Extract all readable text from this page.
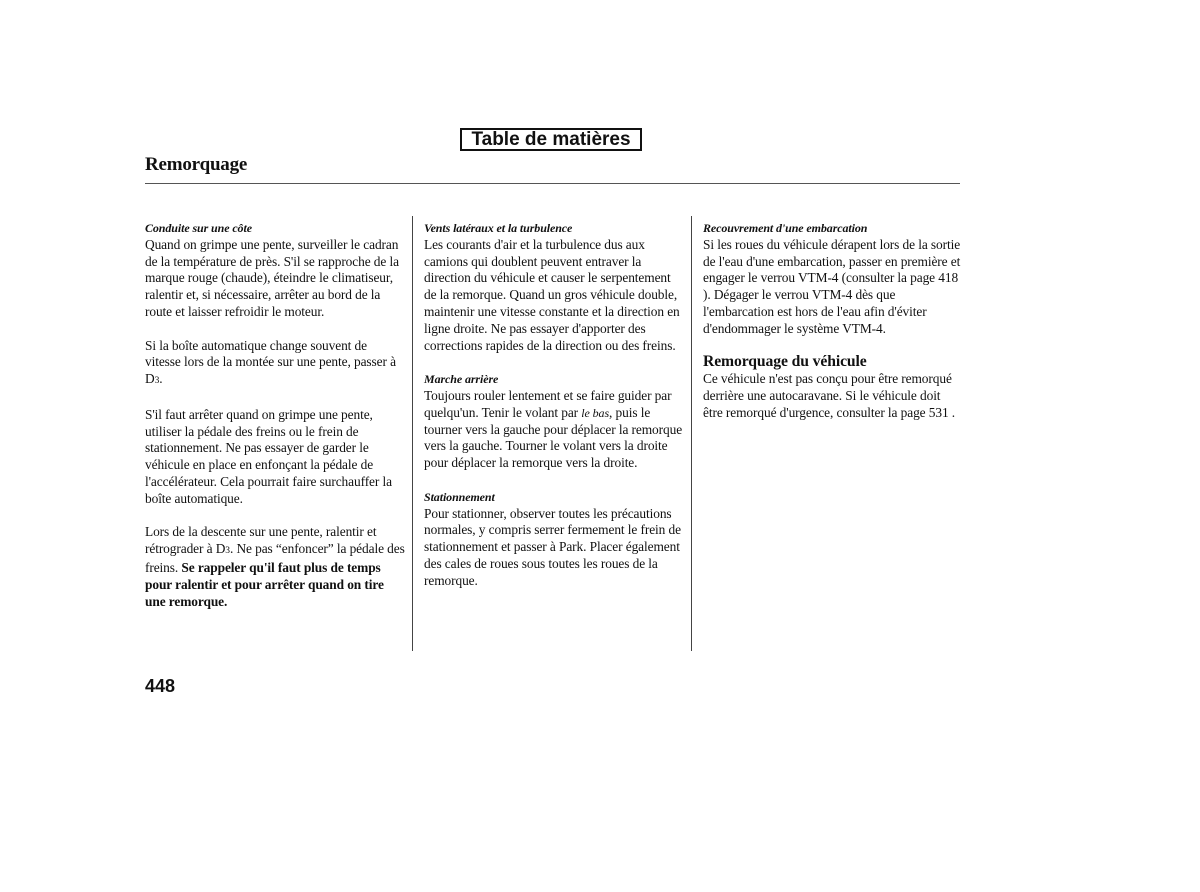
Table de matières
Remorquage
Conduite sur une côte

Quand on grimpe une pente, surveiller le cadran de la température de près. S'il se rapproche de la marque rouge (chaude), éteindre le climatiseur, ralentir et, si nécessaire, arrêter au bord de la route et laisser refroidir le moteur.

Si la boîte automatique change souvent de vitesse lors de la montée sur une pente, passer à D3.

S'il faut arrêter quand on grimpe une pente, utiliser la pédale des freins ou le frein de stationnement. Ne pas essayer de garder le véhicule en place en enfonçant la pédale de l'accélérateur. Cela pourrait faire surchauffer la boîte automatique.

Lors de la descente sur une pente, ralentir et rétrograder à D3. Ne pas “enfoncer” la pédale des freins. Se rappeler qu'il faut plus de temps pour ralentir et pour arrêter quand on tire une remorque.

Vents latéraux et la turbulence

Les courants d'air et la turbulence dus aux camions qui doublent peuvent entraver la direction du véhicule et causer le serpentement de la remorque. Quand un gros véhicule double, maintenir une vitesse constante et la direction en ligne droite. Ne pas essayer d'apporter des corrections rapides de la direction ou des freins.

Marche arrière

Toujours rouler lentement et se faire guider par quelqu'un. Tenir le volant par le bas, puis le tourner vers la gauche pour déplacer la remorque vers la gauche. Tourner le volant vers la droite pour déplacer la remorque vers la droite.

Stationnement

Pour stationner, observer toutes les précautions normales, y compris serrer fermement le frein de stationnement et passer à Park. Placer également des cales de roues sous toutes les roues de la remorque.

Recouvrement d'une embarcation

Si les roues du véhicule dérapent lors de la sortie de l'eau d'une embarcation, passer en première et engager le verrou VTM-4 (consulter la page 418 ). Dégager le verrou VTM-4 dès que l'embarcation est hors de l'eau afin d'éviter d'endommager le système VTM-4.

Remorquage du véhicule

Ce véhicule n'est pas conçu pour être remorqué derrière une autocaravane. Si le véhicule doit être remorqué d'urgence, consulter la page 531 .

448
